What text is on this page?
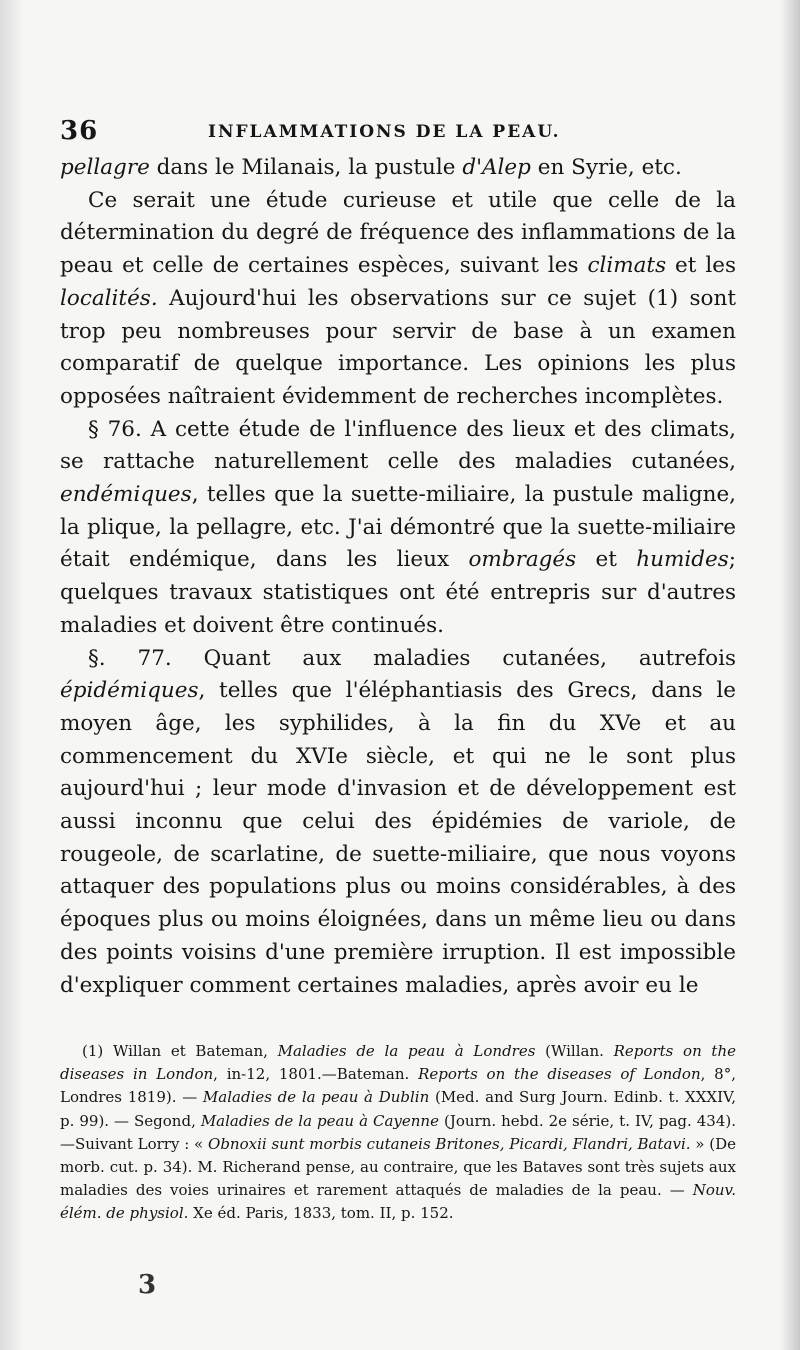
36	INFLAMMATIONS DE LA PEAU.

pellagre dans le Milanais, la pustule d'Alep en Syrie, etc.

Ce serait une étude curieuse et utile que celle de la détermination du degré de fréquence des inflammations de la peau et celle de certaines espèces, suivant les climats et les localités. Aujourd'hui les observations sur ce sujet (1) sont trop peu nombreuses pour servir de base à un examen comparatif de quelque importance. Les opinions les plus opposées naîtraient évidemment de recherches incomplètes.

§ 76. A cette étude de l'influence des lieux et des climats, se rattache naturellement celle des maladies cutanées, endémiques, telles que la suette-miliaire, la pustule maligne, la plique, la pellagre, etc. J'ai démontré que la suette-miliaire était endémique, dans les lieux ombragés et humides; quelques travaux statistiques ont été entrepris sur d'autres maladies et doivent être continués.

§. 77. Quant aux maladies cutanées, autrefois épidémiques, telles que l'éléphantiasis des Grecs, dans le moyen âge, les syphilides, à la fin du XVe et au commencement du XVIe siècle, et qui ne le sont plus aujourd'hui ; leur mode d'invasion et de développement est aussi inconnu que celui des épidémies de variole, de rougeole, de scarlatine, de suette-miliaire, que nous voyons attaquer des populations plus ou moins considérables, à des époques plus ou moins éloignées, dans un même lieu ou dans des points voisins d'une première irruption. Il est impossible d'expliquer comment certaines maladies, après avoir eu le

(1) Willan et Bateman, Maladies de la peau à Londres (Willan. Reports on the diseases in London, in-12, 1801.—Bateman. Reports on the diseases of London, 8°, Londres 1819). — Maladies de la peau à Dublin (Med. and Surg Journ. Edinb. t. XXXIV, p. 99). — Segond, Maladies de la peau à Cayenne (Journ. hebd. 2e série, t. IV, pag. 434).—Suivant Lorry : « Obnoxii sunt morbis cutaneis Britones, Picardi, Flandri, Batavi. » (De morb. cut. p. 34). M. Richerand pense, au contraire, que les Bataves sont très sujets aux maladies des voies urinaires et rarement attaqués de maladies de la peau. — Nouv. élém. de physiol. Xe éd. Paris, 1833, tom. II, p. 152.

3
